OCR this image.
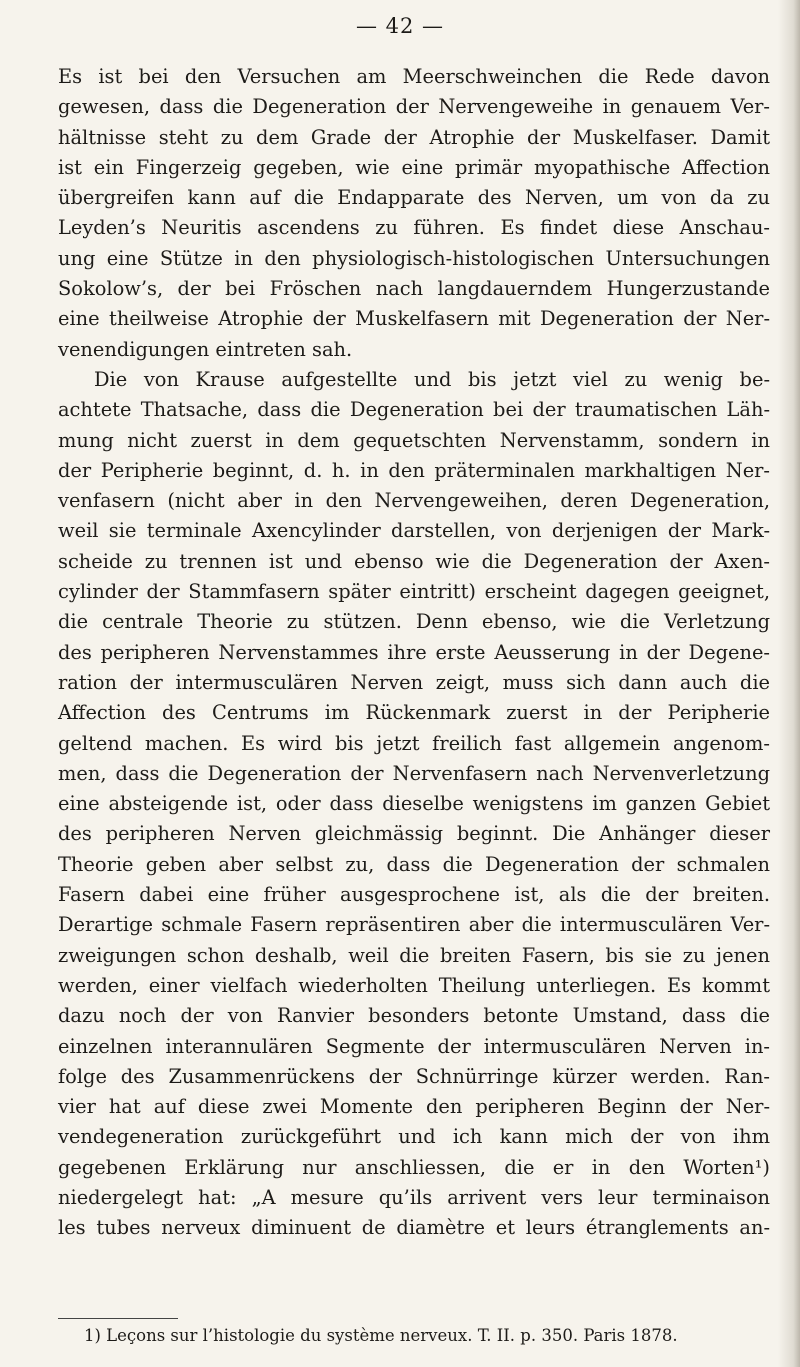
— 42 —
Es ist bei den Versuchen am Meerschweinchen die Rede davon
gewesen, dass die Degeneration der Nervengeweihe in genauem Ver-
hältnisse steht zu dem Grade der Atrophie der Muskelfaser. Damit
ist ein Fingerzeig gegeben, wie eine primär myopathische Affection
übergreifen kann auf die Endapparate des Nerven, um von da zu
Leyden’s Neuritis ascendens zu führen. Es findet diese Anschau-
ung eine Stütze in den physiologisch-histologischen Untersuchungen
Sokolow’s, der bei Fröschen nach langdauerndem Hungerzustande
eine theilweise Atrophie der Muskelfasern mit Degeneration der Ner-
venendigungen eintreten sah.
Die von Krause aufgestellte und bis jetzt viel zu wenig be-
achtete Thatsache, dass die Degeneration bei der traumatischen Läh-
mung nicht zuerst in dem gequetschten Nervenstamm, sondern in
der Peripherie beginnt, d. h. in den präterminalen markhaltigen Ner-
venfasern (nicht aber in den Nervengeweihen, deren Degeneration,
weil sie terminale Axencylinder darstellen, von derjenigen der Mark-
scheide zu trennen ist und ebenso wie die Degeneration der Axen-
cylinder der Stammfasern später eintritt) erscheint dagegen geeignet,
die centrale Theorie zu stützen. Denn ebenso, wie die Verletzung
des peripheren Nervenstammes ihre erste Aeusserung in der Degene-
ration der intermusculären Nerven zeigt, muss sich dann auch die
Affection des Centrums im Rückenmark zuerst in der Peripherie
geltend machen. Es wird bis jetzt freilich fast allgemein angenom-
men, dass die Degeneration der Nervenfasern nach Nervenverletzung
eine absteigende ist, oder dass dieselbe wenigstens im ganzen Gebiet
des peripheren Nerven gleichmässig beginnt. Die Anhänger dieser
Theorie geben aber selbst zu, dass die Degeneration der schmalen
Fasern dabei eine früher ausgesprochene ist, als die der breiten.
Derartige schmale Fasern repräsentiren aber die intermusculären Ver-
zweigungen schon deshalb, weil die breiten Fasern, bis sie zu jenen
werden, einer vielfach wiederholten Theilung unterliegen. Es kommt
dazu noch der von Ranvier besonders betonte Umstand, dass die
einzelnen interannulären Segmente der intermusculären Nerven in-
folge des Zusammenrückens der Schnürringe kürzer werden. Ran-
vier hat auf diese zwei Momente den peripheren Beginn der Ner-
vendegeneration zurückgeführt und ich kann mich der von ihm
gegebenen Erklärung nur anschliessen, die er in den Worten¹)
niedergelegt hat: „A mesure qu’ils arrivent vers leur terminaison
les tubes nerveux diminuent de diamètre et leurs étranglements an-
1) Leçons sur l’histologie du système nerveux. T. II. p. 350. Paris 1878.
